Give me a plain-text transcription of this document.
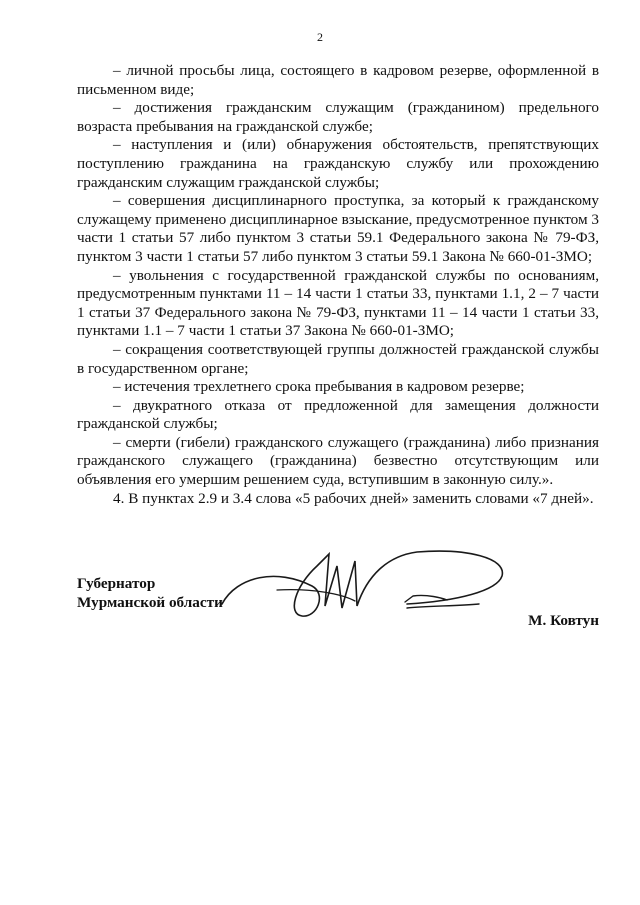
2

– личной просьбы лица, состоящего в кадровом резерве, оформленной в письменном виде;

– достижения гражданским служащим (гражданином) предельного возраста пребывания на гражданской службе;

– наступления и (или) обнаружения обстоятельств, препятствующих поступлению гражданина на гражданскую службу или прохождению гражданским служащим гражданской службы;

– совершения дисциплинарного проступка, за который к гражданскому служащему применено дисциплинарное взыскание, предусмотренное пунктом 3 части 1 статьи 57 либо пунктом 3 статьи 59.1 Федерального закона № 79-ФЗ, пунктом 3 части 1 статьи 57 либо пунктом 3 статьи 59.1 Закона № 660-01-ЗМО;

– увольнения с государственной гражданской службы по основаниям, предусмотренным пунктами 11 – 14 части 1 статьи 33, пунктами 1.1, 2 – 7 части 1 статьи 37 Федерального закона № 79-ФЗ, пунктами 11 – 14 части 1 статьи 33, пунктами 1.1 – 7 части 1 статьи 37 Закона № 660-01-ЗМО;

– сокращения соответствующей группы должностей гражданской службы в государственном органе;

– истечения трехлетнего срока пребывания в кадровом резерве;

– двукратного отказа от предложенной для замещения должности гражданской службы;

– смерти (гибели) гражданского служащего (гражданина) либо признания гражданского служащего (гражданина) безвестно отсутствующим или объявления его умершим решением суда, вступившим в законную силу.».

4. В пунктах 2.9 и 3.4 слова «5 рабочих дней» заменить словами «7 дней».

Губернатор
Мурманской области
М. Ковтун
